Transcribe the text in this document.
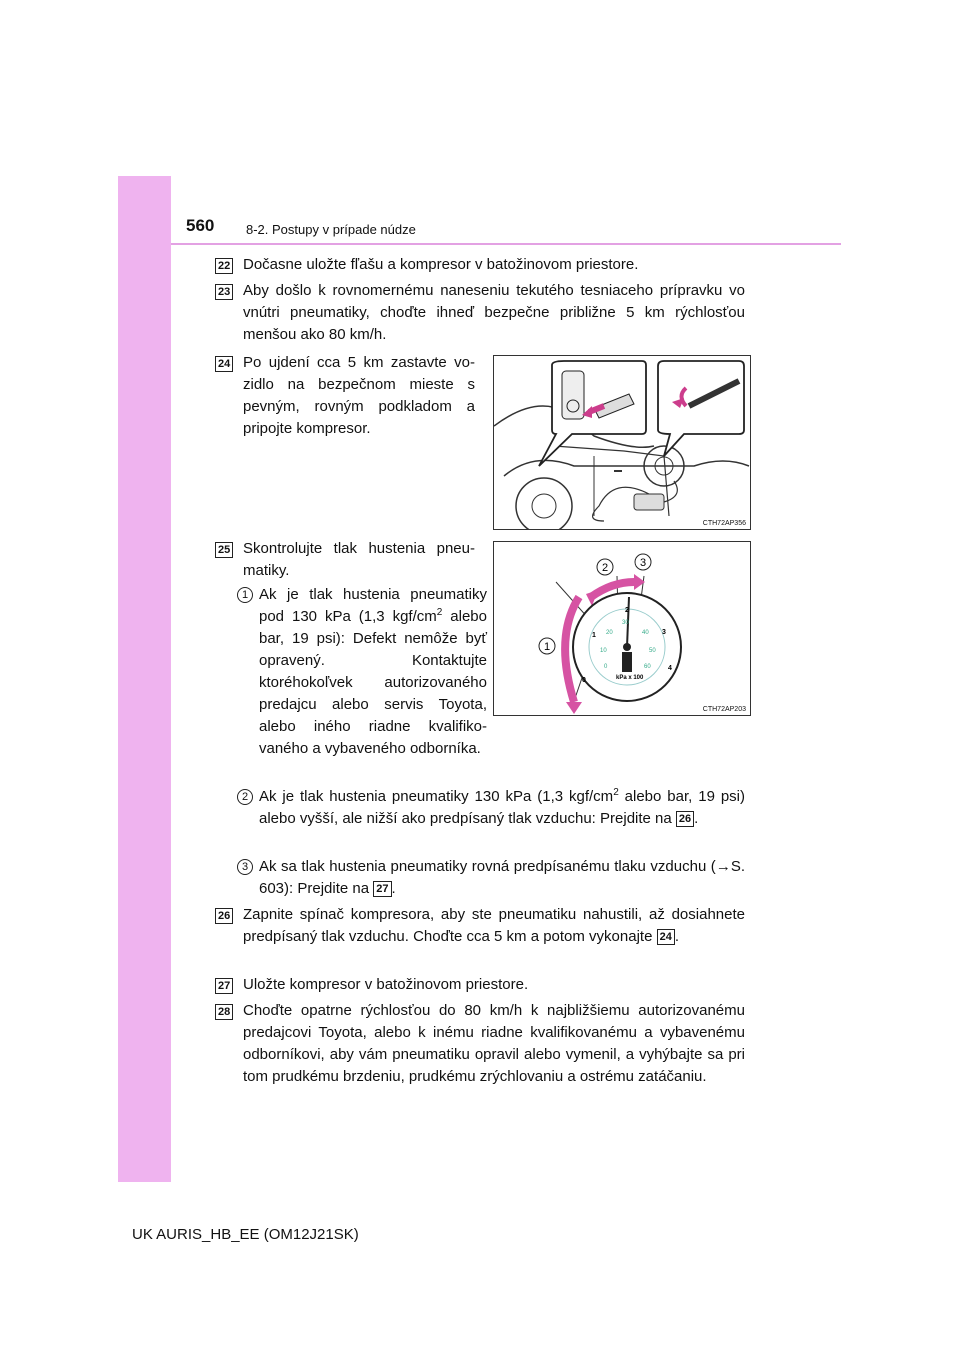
560 8-2. Postupy v prípade núdze
22 Dočasne uložte fľašu a kompresor v batožinovom priestore.
23 Aby došlo k rovnomernému naneseniu tekutého tesniaceho prípravku vo vnútri pneumatiky, choďte ihneď bezpečne približne 5 km rýchlosťou menšou ako 80 km/h.
24 Po ujdení cca 5 km zastavte vozidlo na bezpečnom mieste s pevným, rovným podkladom a pripojte kompresor.
CTH72AP356
25 Skontrolujte tlak hustenia pneumatiky.
0
1
2
3
4
0
10
20
30
40
50
60
kPa x 100
1
2	3
CTH72AP203
1 Ak je tlak hustenia pneumatiky pod 130 kPa (1,3 kgf/$cm^2$ alebo bar, 19 psi): Defekt nemôže byť opravený. Kontaktujte ktoréhokoľvek autorizovaného predajcu alebo servis Toyota, alebo iného riadne kvalifikovaného a vybaveného odborníka.
2 Ak je tlak hustenia pneumatiky 130 kPa (1,3 kgf/$cm^2$ alebo bar, 19 psi) alebo vyšší, ale nižší ako predpísaný tlak vzduchu: Prejdite na 26 .
3 Ak sa tlak hustenia pneumatiky rovná predpísanému tlaku vzduchu (→S. 603): Prejdite na 27 .
26 Zapnite spínač kompresora, aby ste pneumatiku nahustili, až dosiahnete predpísaný tlak vzduchu. Choďte cca 5 km a potom vykonajte 24 .
27 Uložte kompresor v batožinovom priestore.
28 Choďte opatrne rýchlosťou do 80 km/h k najbližšiemu autorizovanému predajcovi Toyota, alebo k inému riadne kvalifikovanému a vybavenému odborníkovi, aby vám pneumatiku opravil alebo vymenil, a vyhýbajte sa pri tom prudkému brzdeniu, prudkému zrýchlovaniu a ostrému zatáčaniu.
UK AURIS_HB_EE (OM12J21SK)
